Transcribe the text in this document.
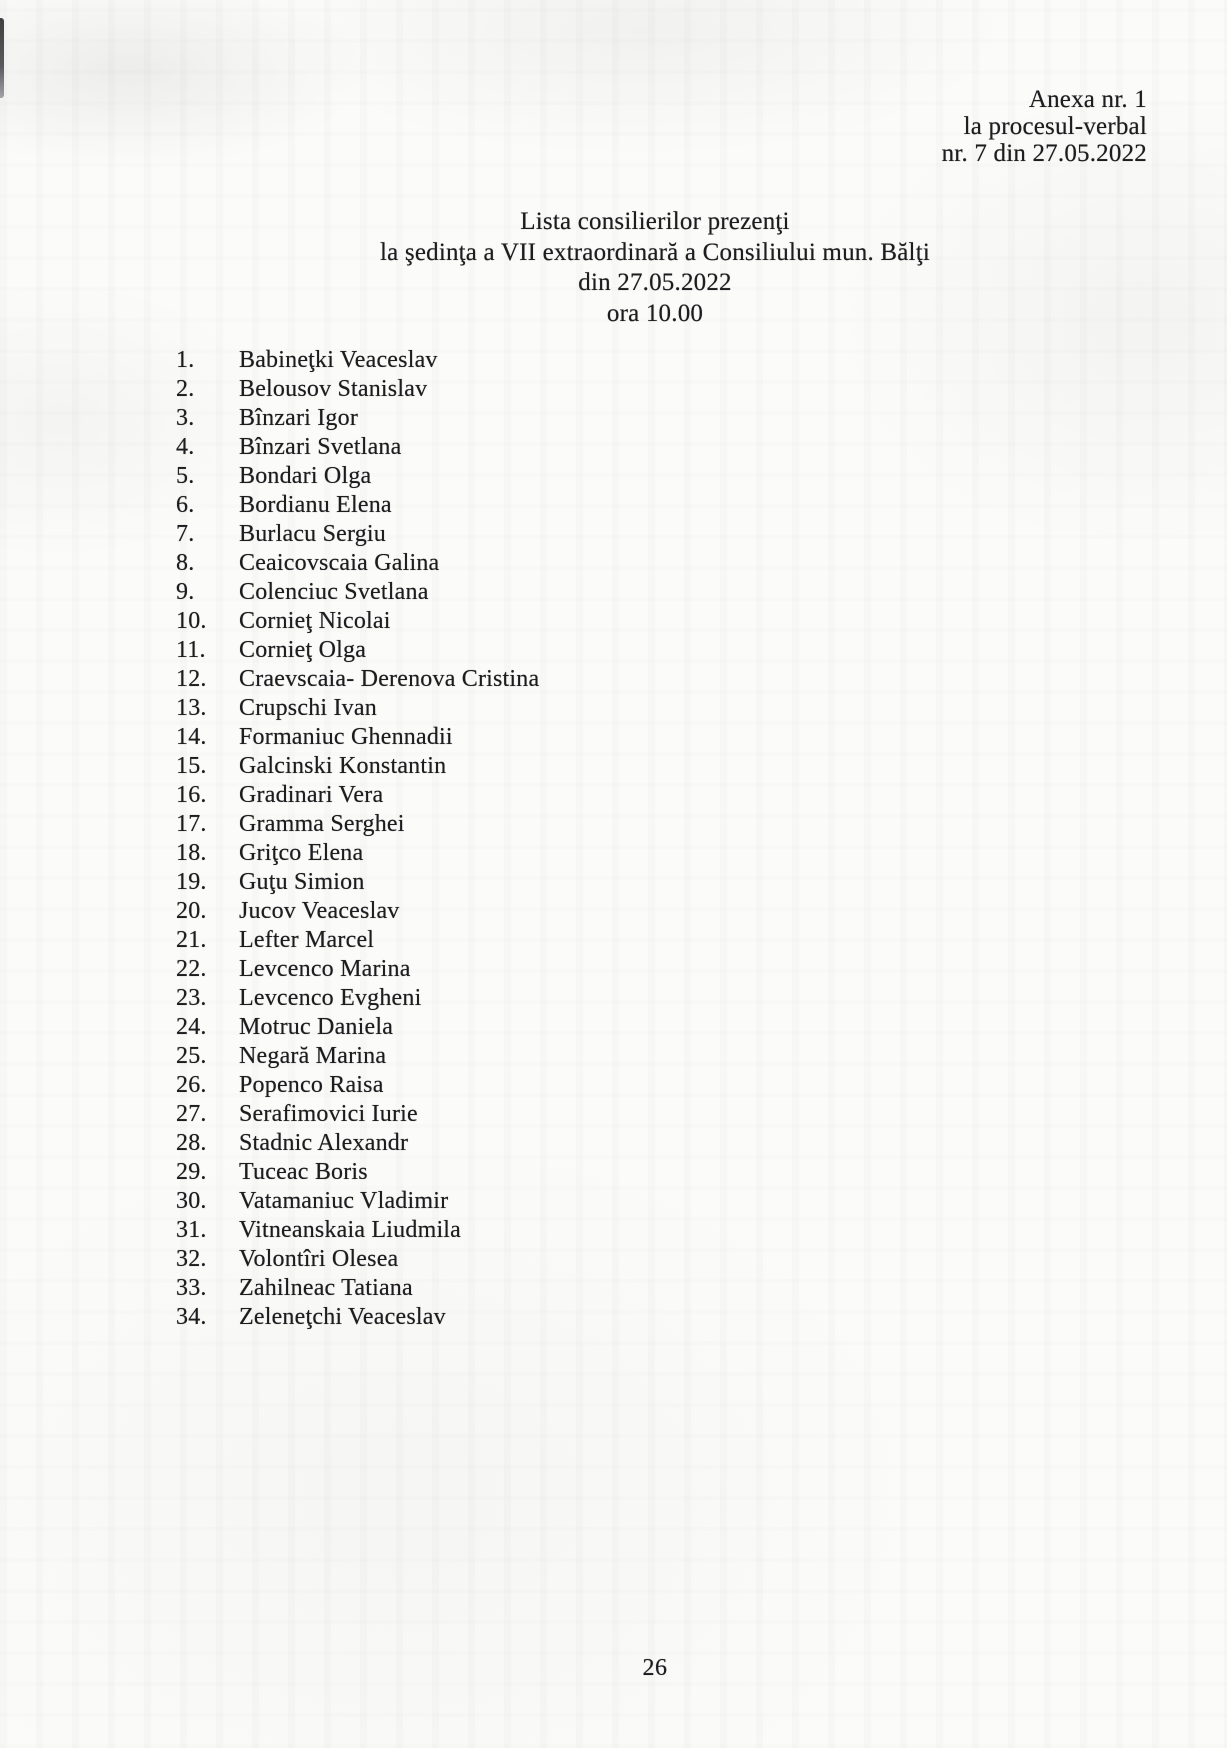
Anexa nr. 1
la procesul-verbal
nr. 7 din 27.05.2022
Lista consilierilor prezenţi
la şedinţa a VII extraordinară a Consiliului mun. Bălţi
din 27.05.2022
ora 10.00
1.	Babineţki Veaceslav
2.	Belousov Stanislav
3.	Bînzari Igor
4.	Bînzari Svetlana
5.	Bondari Olga
6.	Bordianu Elena
7.	Burlacu Sergiu
8.	Ceaicovscaia Galina
9.	Colenciuc Svetlana
10.	Cornieţ Nicolai
11.	Cornieţ Olga
12.	Craevscaia- Derenova Cristina
13.	Crupschi Ivan
14.	Formaniuc Ghennadii
15.	Galcinski Konstantin
16.	Gradinari Vera
17.	Gramma Serghei
18.	Griţco Elena
19.	Guţu Simion
20.	Jucov Veaceslav
21.	Lefter Marcel
22.	Levcenco Marina
23.	Levcenco Evgheni
24.	Motruc Daniela
25.	Negară Marina
26.	Popenco Raisa
27.	Serafimovici Iurie
28.	Stadnic Alexandr
29.	Tuceac Boris
30.	Vatamaniuc Vladimir
31.	Vitneanskaia Liudmila
32.	Volontîri Olesea
33.	Zahilneac Tatiana
34.	Zeleneţchi Veaceslav
26
